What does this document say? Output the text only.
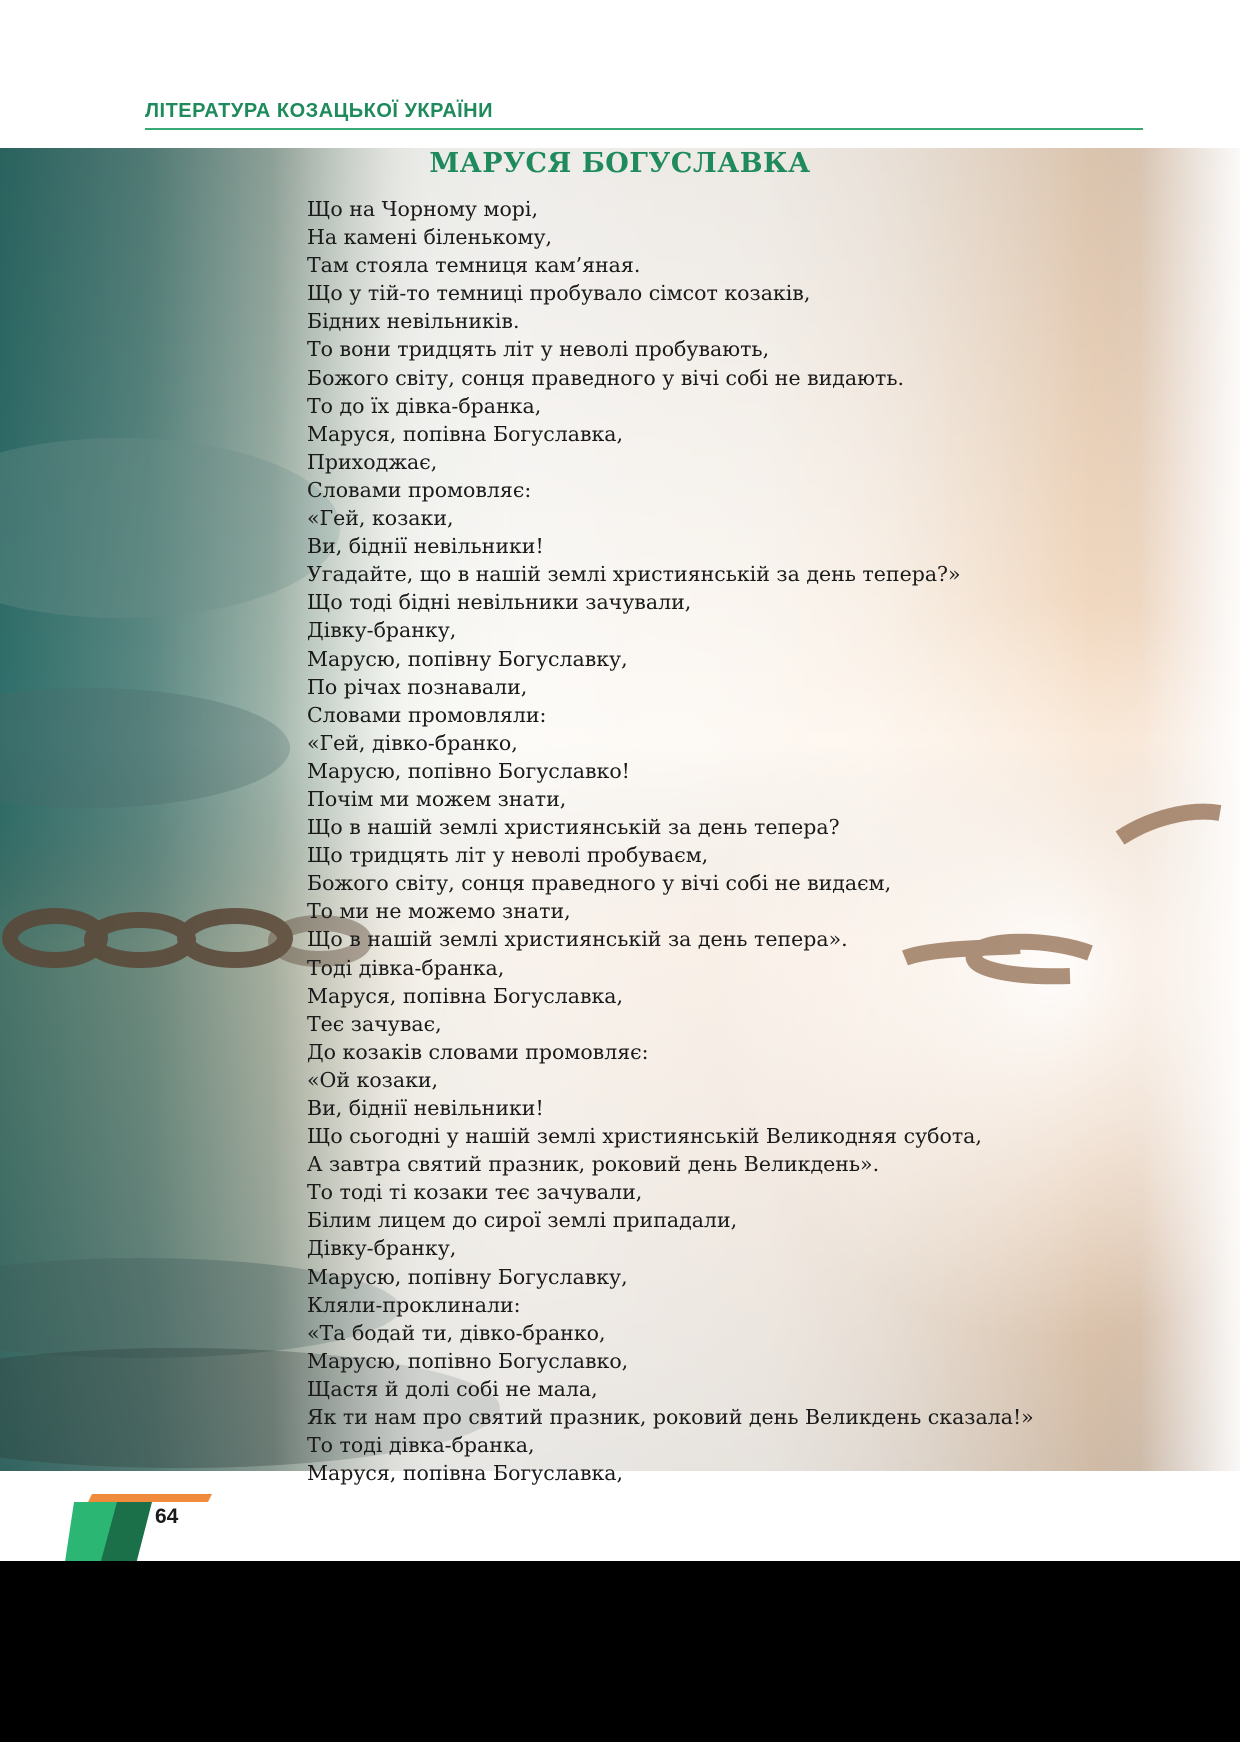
ЛІТЕРАТУРА КОЗАЦЬКОЇ УКРАЇНИ
МАРУСЯ БОГУСЛАВКА
Що на Чорному морі,
На камені біленькому,
Там стояла темниця кам’яная.
Що у тій-то темниці пробувало сімсот козаків,
Бідних невільників.
То вони тридцять літ у неволі пробувають,
Божого світу, сонця праведного у вічі собі не видають.
То до їх дівка-бранка,
Маруся, попівна Богуславка,
Приходжає,
Словами промовляє:
«Гей, козаки,
Ви, біднії невільники!
Угадайте, що в нашій землі християнській за день тепера?»
Що тоді бідні невільники зачували,
Дівку-бранку,
Марусю, попівну Богуславку,
По річах познавали,
Словами промовляли:
«Гей, дівко-бранко,
Марусю, попівно Богуславко!
Почім ми можем знати,
Що в нашій землі християнській за день тепера?
Що тридцять літ у неволі пробуваєм,
Божого світу, сонця праведного у вічі собі не видаєм,
То ми не можемо знати,
Що в нашій землі християнській за день тепера».
Тоді дівка-бранка,
Маруся, попівна Богуславка,
Теє зачуває,
До козаків словами промовляє:
«Ой козаки,
Ви, біднії невільники!
Що сьогодні у нашій землі християнській Великодняя субота,
А завтра святий празник, роковий день Великдень».
То тоді ті козаки теє зачували,
Білим лицем до сирої землі припадали,
Дівку-бранку,
Марусю, попівну Богуславку,
Кляли-проклинали:
«Та бодай ти, дівко-бранко,
Марусю, попівно Богуславко,
Щастя й долі собі не мала,
Як ти нам про святий празник, роковий день Великдень сказала!»
То тоді дівка-бранка,
Маруся, попівна Богуславка,
64
